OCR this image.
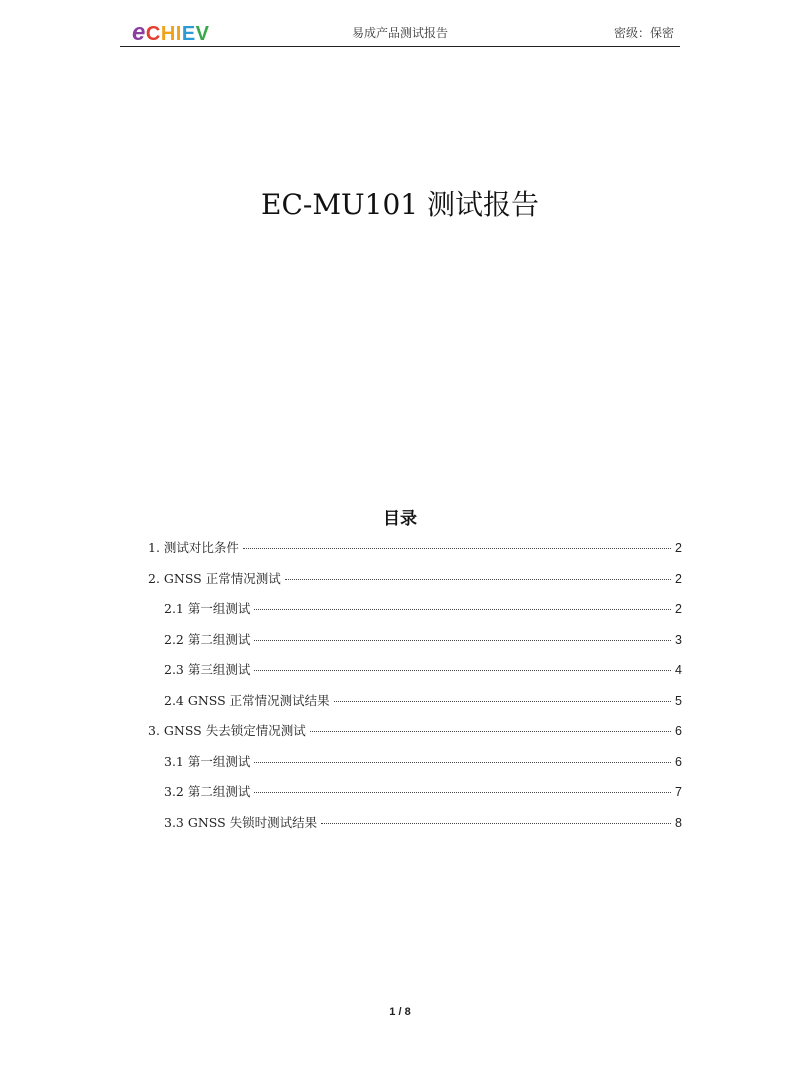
eCHIEV	易成产品测试报告	密级：保密
EC-MU101 测试报告
目录
1. 测试对比条件	2
2. GNSS 正常情况测试	2
2.1 第一组测试	2
2.2 第二组测试	3
2.3 第三组测试	4
2.4 GNSS 正常情况测试结果	5
3. GNSS 失去锁定情况测试	6
3.1 第一组测试	6
3.2 第二组测试	7
3.3 GNSS 失锁时测试结果	8
1 / 8
